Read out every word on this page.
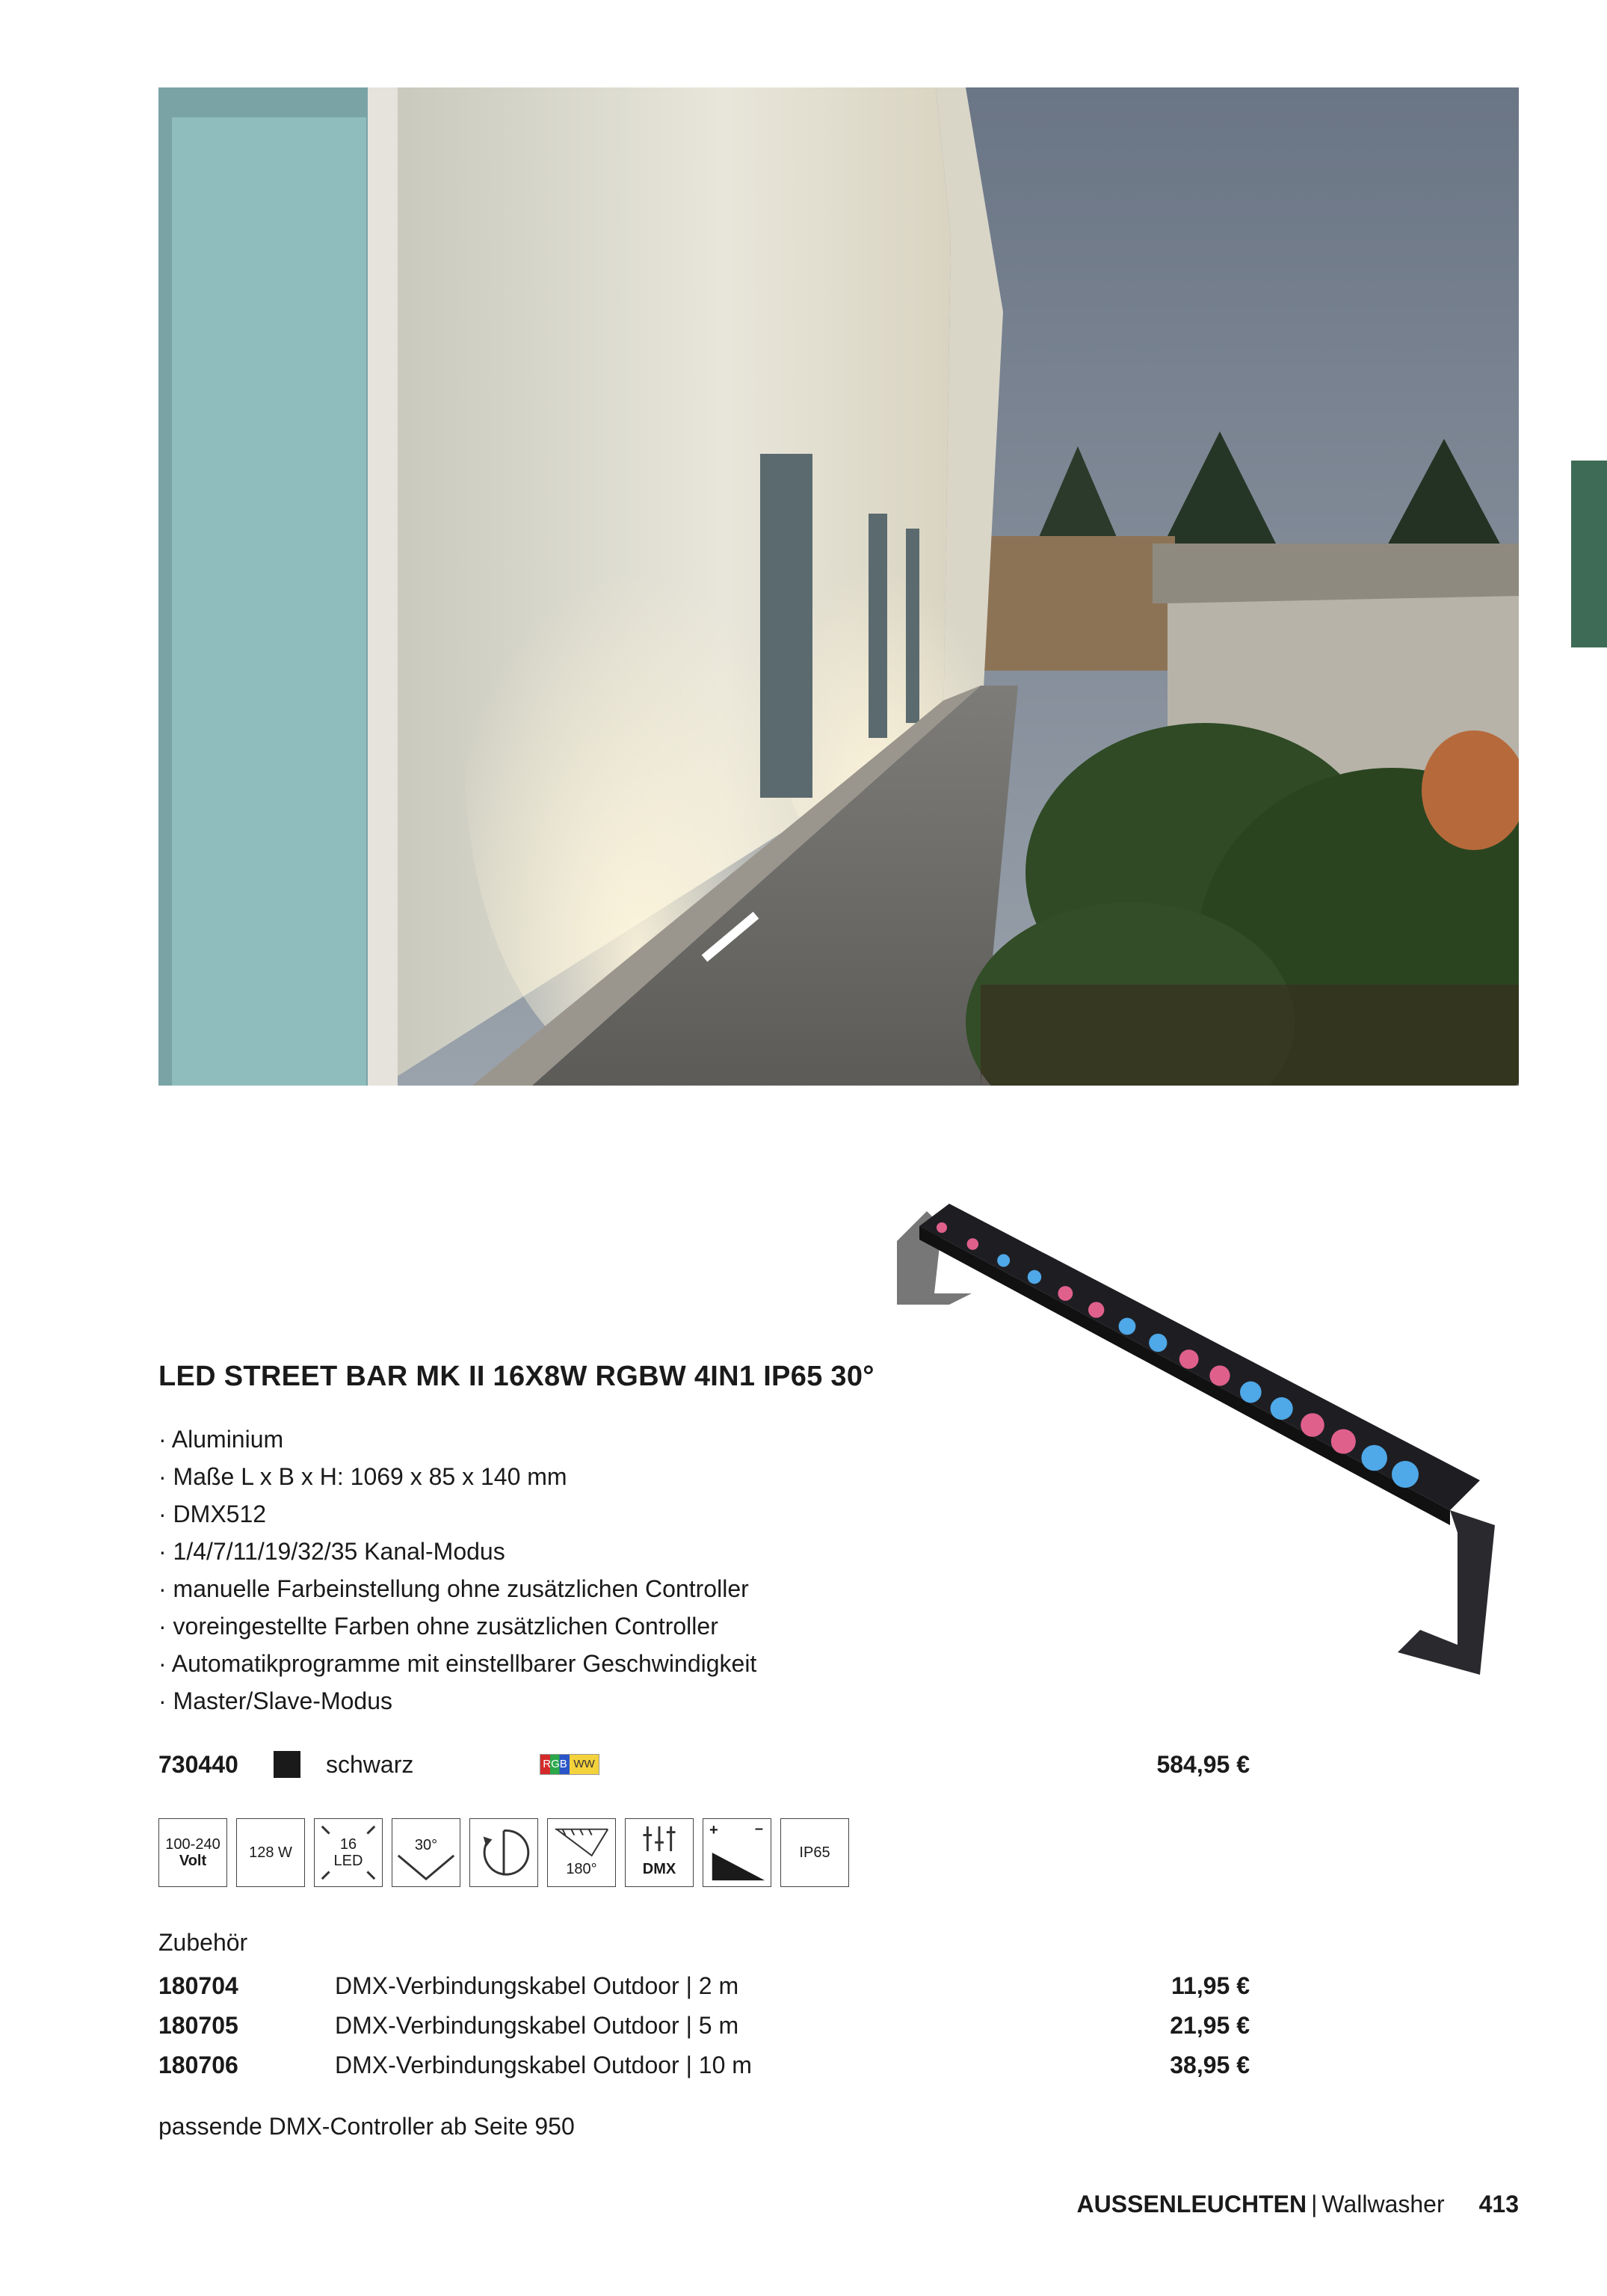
LED STREET BAR MK II 16X8W RGBW 4IN1 IP65 30°
· Aluminium
· Maße L x B x H: 1069 x 85 x 140 mm
· DMX512
· 1/4/7/11/19/32/35 Kanal-Modus
· manuelle Farbeinstellung ohne zusätzlichen Controller
· voreingestellte Farben ohne zusätzlichen Controller
· Automatikprogramme mit einstellbarer Geschwindigkeit
· Master/Slave-Modus
730440	schwarz	RGB WW	584,95 €
100-240
Volt	128 W	16
LED
30°
180°	DMX
+ –
IP65
Zubehör
180704	DMX-Verbindungskabel Outdoor | 2 m	11,95 €
180705	DMX-Verbindungskabel Outdoor | 5 m	21,95 €
180706	DMX-Verbindungskabel Outdoor | 10 m	38,95 €
passende DMX-Controller ab Seite 950
AUSSENLEUCHTEN | Wallwasher 413
